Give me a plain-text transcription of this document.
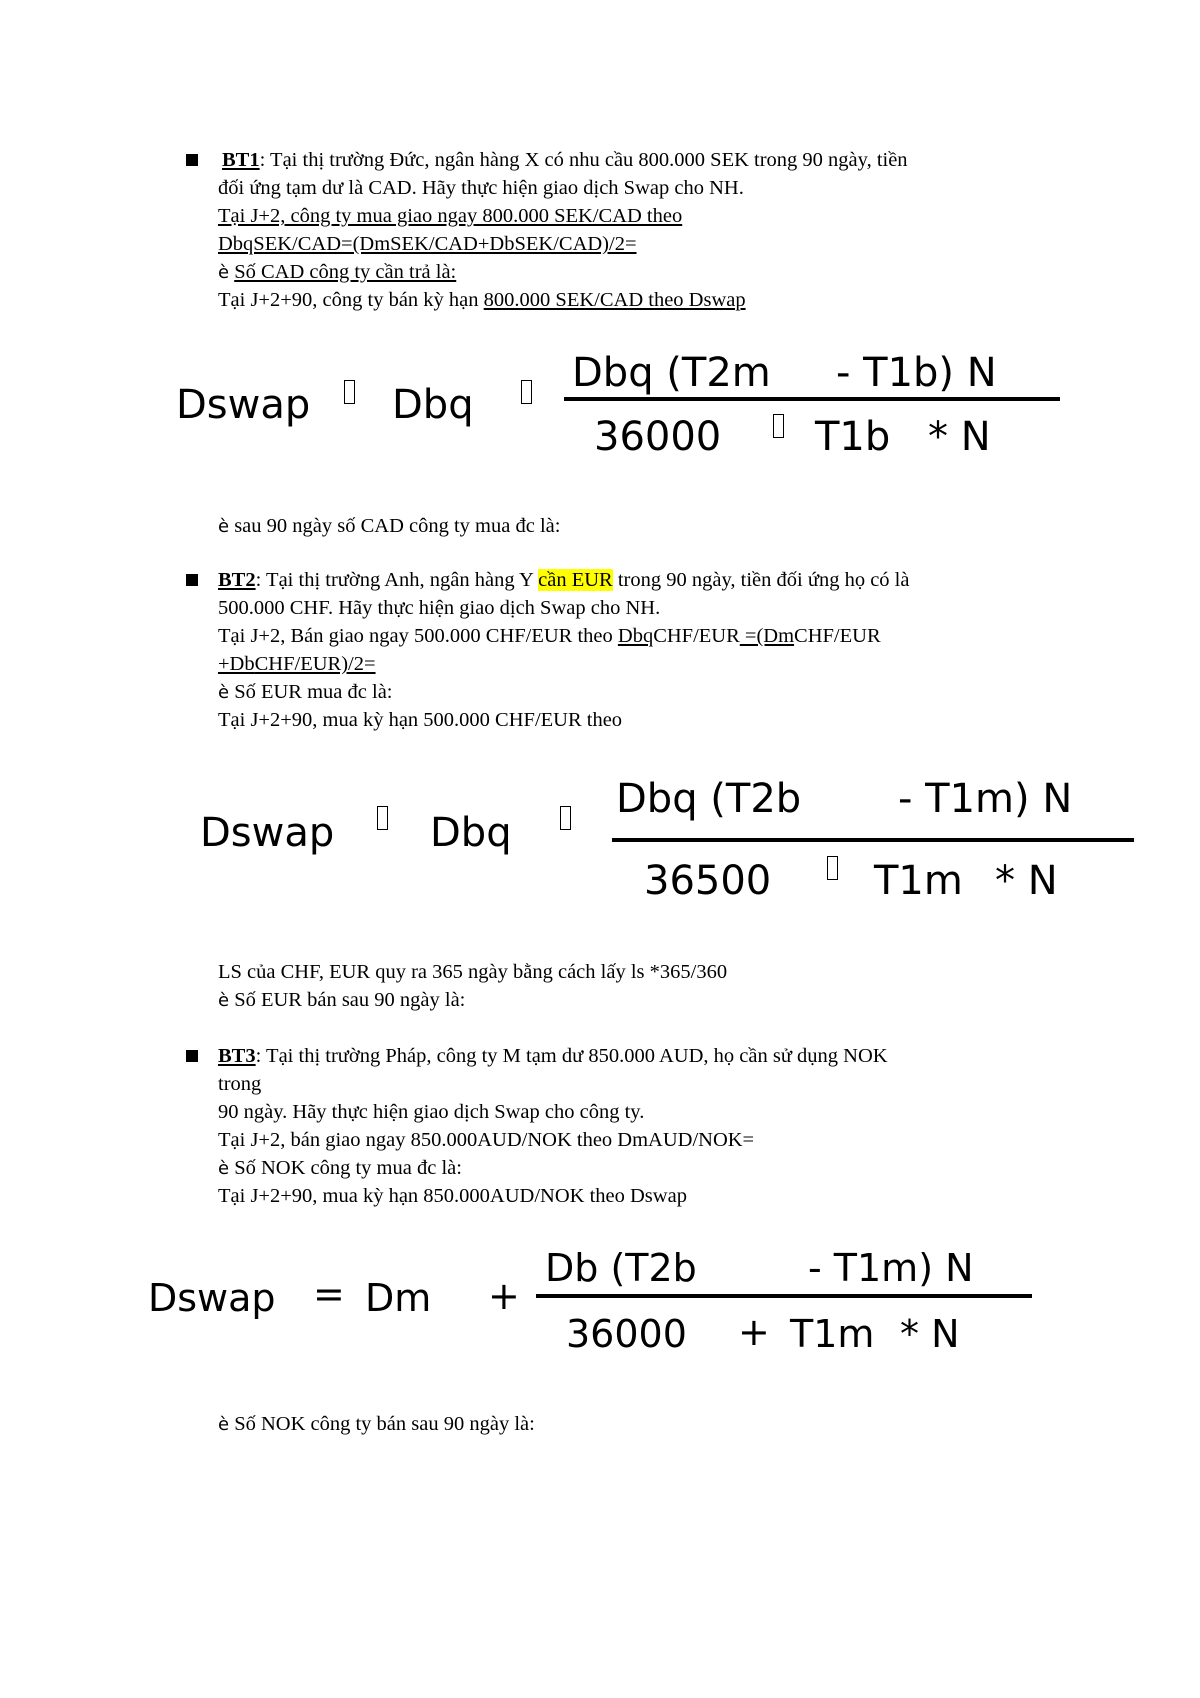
BT1: Tại thị trường Đức, ngân hàng X có nhu cầu 800.000 SEK trong 90 ngày, tiền
đối ứng tạm dư là CAD. Hãy thực hiện giao dịch Swap cho NH.
Tại J+2, công ty mua giao ngay 800.000 SEK/CAD theo
DbqSEK/CAD=(DmSEK/CAD+DbSEK/CAD)/2=
è Số CAD công ty cần trả là:
Tại J+2+90, công ty bán kỳ hạn 800.000 SEK/CAD theo Dswap
Dswap Dbq
Dbq (T2m - T1b) N
36000 T1b * N
è sau 90 ngày số CAD công ty mua đc là:
BT2: Tại thị trường Anh, ngân hàng Y cần EUR trong 90 ngày, tiền đối ứng họ có là
500.000 CHF. Hãy thực hiện giao dịch Swap cho NH.
Tại J+2, Bán giao ngay 500.000 CHF/EUR theo DbqCHF/EUR =(DmCHF/EUR
+DbCHF/EUR)/2=
è Số EUR mua đc là:
Tại J+2+90, mua kỳ hạn 500.000 CHF/EUR theo
Dswap Dbq
Dbq (T2b - T1m) N
36500	T1m * N
LS của CHF, EUR quy ra 365 ngày bằng cách lấy ls *365/360
è Số EUR bán sau 90 ngày là:
BT3: Tại thị trường Pháp, công ty M tạm dư 850.000 AUD, họ cần sử dụng NOK
trong
90 ngày. Hãy thực hiện giao dịch Swap cho công ty.
Tại J+2, bán giao ngay 850.000AUD/NOK theo DmAUD/NOK=
è Số NOK công ty mua đc là:
Tại J+2+90, mua kỳ hạn 850.000AUD/NOK theo Dswap
Dswap = Dm +
Db (T2b	- T1m) N
36000 + T1m * N
è Số NOK công ty bán sau 90 ngày là:
